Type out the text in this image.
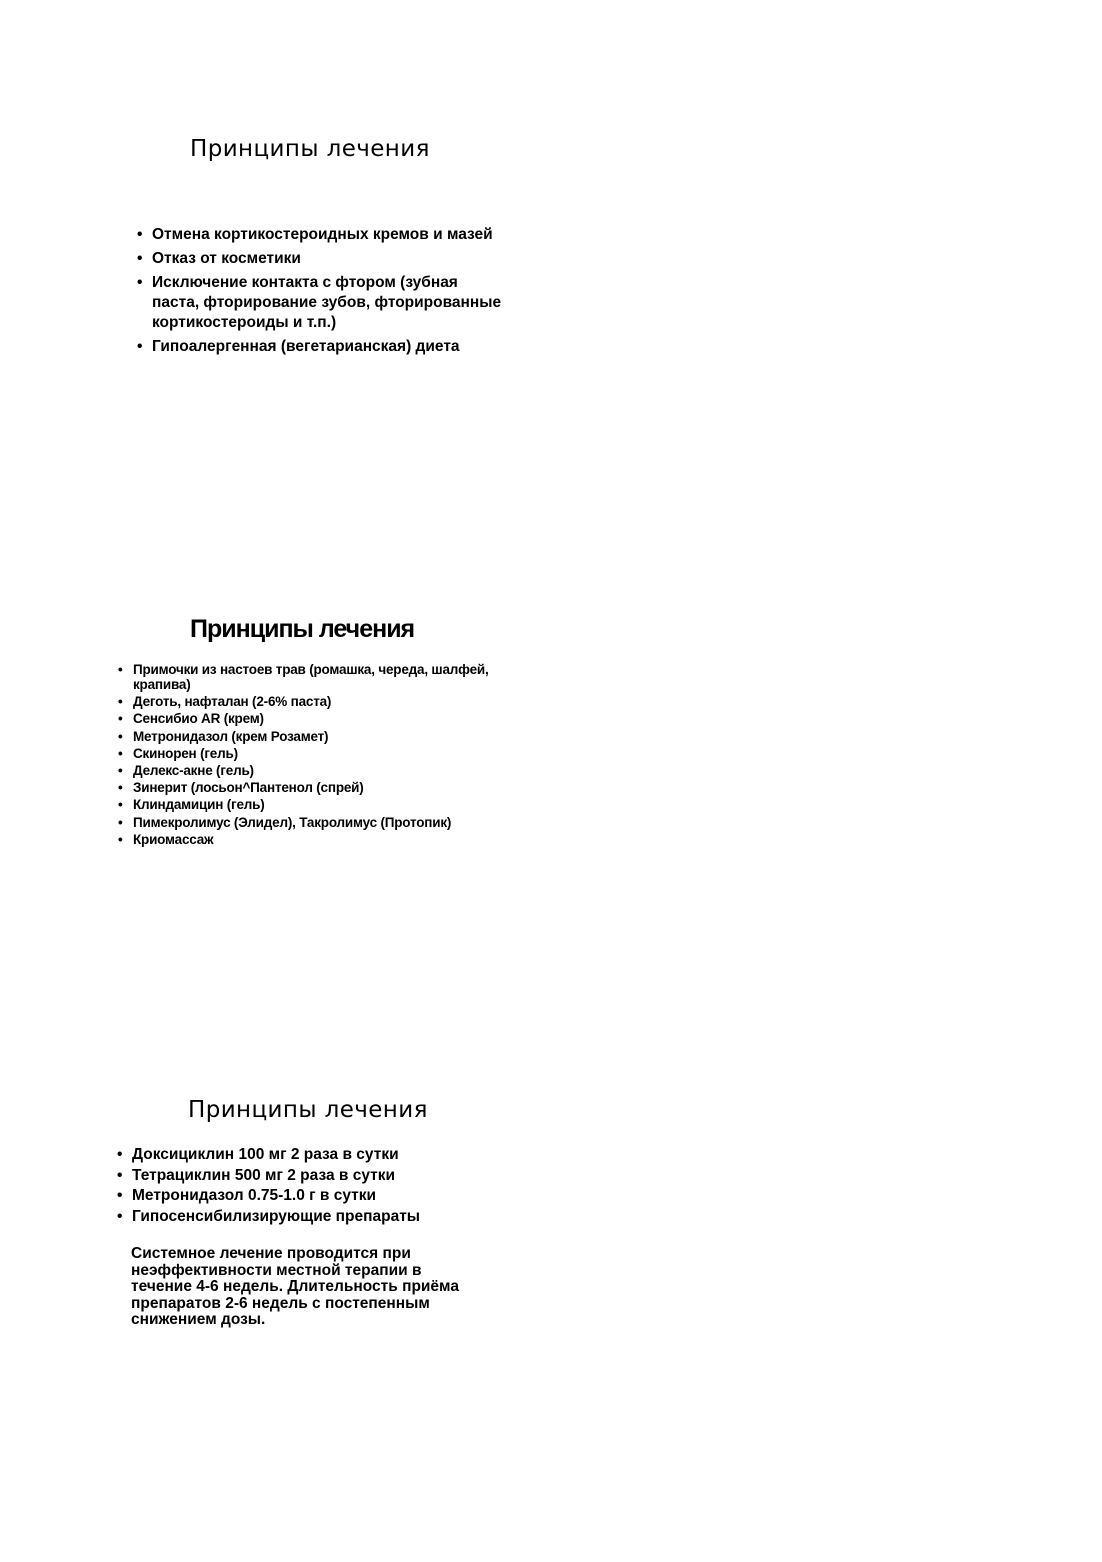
Принципы лечения
• Отмена кортикостероидных кремов и мазей
• Отказ от косметики
• Исключение контакта с фтором (зубная паста, фторирование зубов, фторированные кортикостероиды и т.п.)
• Гипоалергенная (вегетарианская) диета
Принципы лечения
• Примочки из настоев трав (ромашка, череда, шалфей, крапива)
• Деготь, нафталан (2-6% паста)
• Сенсибио AR (крем)
• Метронидазол (крем Розамет)
• Скинорен (гель)
• Делекс-акне (гель)
• Зинерит (лосьон^Пантенол (спрей)
• Клиндамицин (гель)
• Пимекролимус (Элидел), Такролимус (Протопик)
• Криомассаж
Принципы лечения
• Доксициклин 100 мг 2 раза в сутки
• Тетрациклин 500 мг 2 раза в сутки
• Метронидазол 0.75-1.0 г в сутки
• Гипосенсибилизирующие препараты

Системное лечение проводится при
неэффективности местной терапии в
течение 4-6 недель. Длительность приёма
препаратов 2-6 недель с постепенным
снижением дозы.
